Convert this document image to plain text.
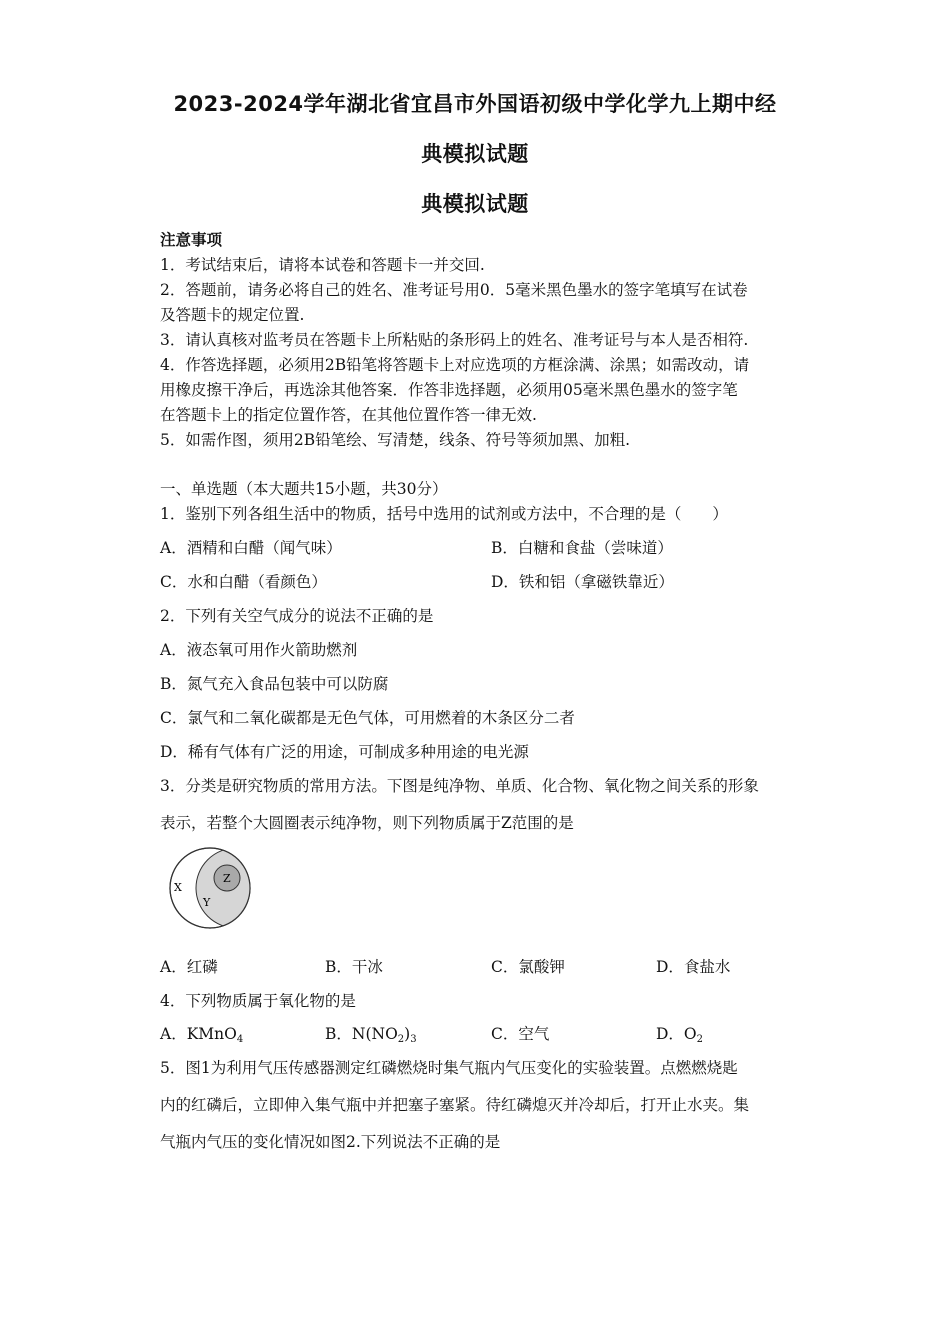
2023-2024学年湖北省宜昌市外国语初级中学化学九上期中经
典模拟试题
典模拟试题
注意事项
1．考试结束后，请将本试卷和答题卡一并交回.
2．答题前，请务必将自己的姓名、准考证号用0．5毫米黑色墨水的签字笔填写在试卷
及答题卡的规定位置.
3．请认真核对监考员在答题卡上所粘贴的条形码上的姓名、准考证号与本人是否相符.
4．作答选择题，必须用2B铅笔将答题卡上对应选项的方框涂满、涂黑；如需改动，请
用橡皮擦干净后，再选涂其他答案．作答非选择题，必须用05毫米黑色墨水的签字笔
在答题卡上的指定位置作答，在其他位置作答一律无效.
5．如需作图，须用2B铅笔绘、写清楚，线条、符号等须加黑、加粗.
一、单选题（本大题共15小题，共30分）
1．鉴别下列各组生活中的物质，括号中选用的试剂或方法中，不合理的是（　　）
A．酒精和白醋（闻气味）	B．白糖和食盐（尝味道）
C．水和白醋（看颜色）	D．铁和铝（拿磁铁靠近）
2．下列有关空气成分的说法不正确的是
A．液态氧可用作火箭助燃剂
B．氮气充入食品包装中可以防腐
C．氯气和二氧化碳都是无色气体，可用燃着的木条区分二者
D．稀有气体有广泛的用途，可制成多种用途的电光源
3．分类是研究物质的常用方法。下图是纯净物、单质、化合物、氧化物之间关系的形象
表示，若整个大圆圈表示纯净物，则下列物质属于Z范围的是
X
Y
Z
A．红磷	B．干冰	C．氯酸钾	D．食盐水
4．下列物质属于氧化物的是
A．KMnO$_4$	B．$N(NO_2)_3$	C．空气	D．$O_2$
5．图1为利用气压传感器测定红磷燃烧时集气瓶内气压变化的实验装置。点燃燃烧匙
内的红磷后，立即伸入集气瓶中并把塞子塞紧。待红磷熄灭并冷却后，打开止水夹。集
气瓶内气压的变化情况如图2.下列说法不正确的是
